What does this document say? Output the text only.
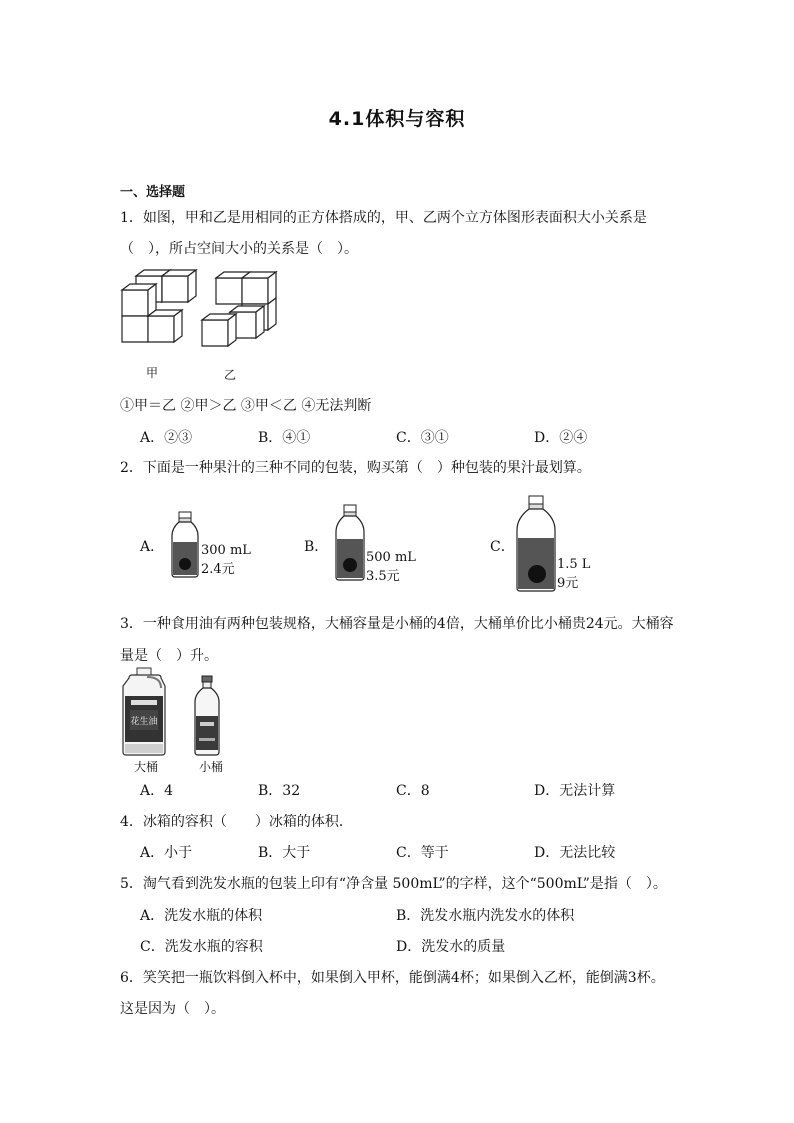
4.1体积与容积
一、选择题
1．如图，甲和乙是用相同的正方体搭成的，甲、乙两个立方体图形表面积大小关系是
（　），所占空间大小的关系是（　）。
甲	乙
①甲＝乙 ②甲＞乙 ③甲＜乙 ④无法判断
A．②③	B．④①	C．③①	D．②④
2．下面是一种果汁的三种不同的包装，购买第（　）种包装的果汁最划算。
A．	300 mL
2.4元
B．
500 mL
3.5元
C．
1.5 L
9元
3．一种食用油有两种包装规格，大桶容量是小桶的4倍，大桶单价比小桶贵24元。大桶容
量是（　）升。
花生油
大桶	小桶
A．4	B．32	C．8	D．无法计算
4．冰箱的容积（　　）冰箱的体积．
A．小于	B．大于	C．等于	D．无法比较
5．淘气看到洗发水瓶的包装上印有“净含量 500mL”的字样，这个“500mL”是指（　）。
A．洗发水瓶的体积	B．洗发水瓶内洗发水的体积
C．洗发水瓶的容积	D．洗发水的质量
6．笑笑把一瓶饮料倒入杯中，如果倒入甲杯，能倒满4杯；如果倒入乙杯，能倒满3杯。
这是因为（　）。
